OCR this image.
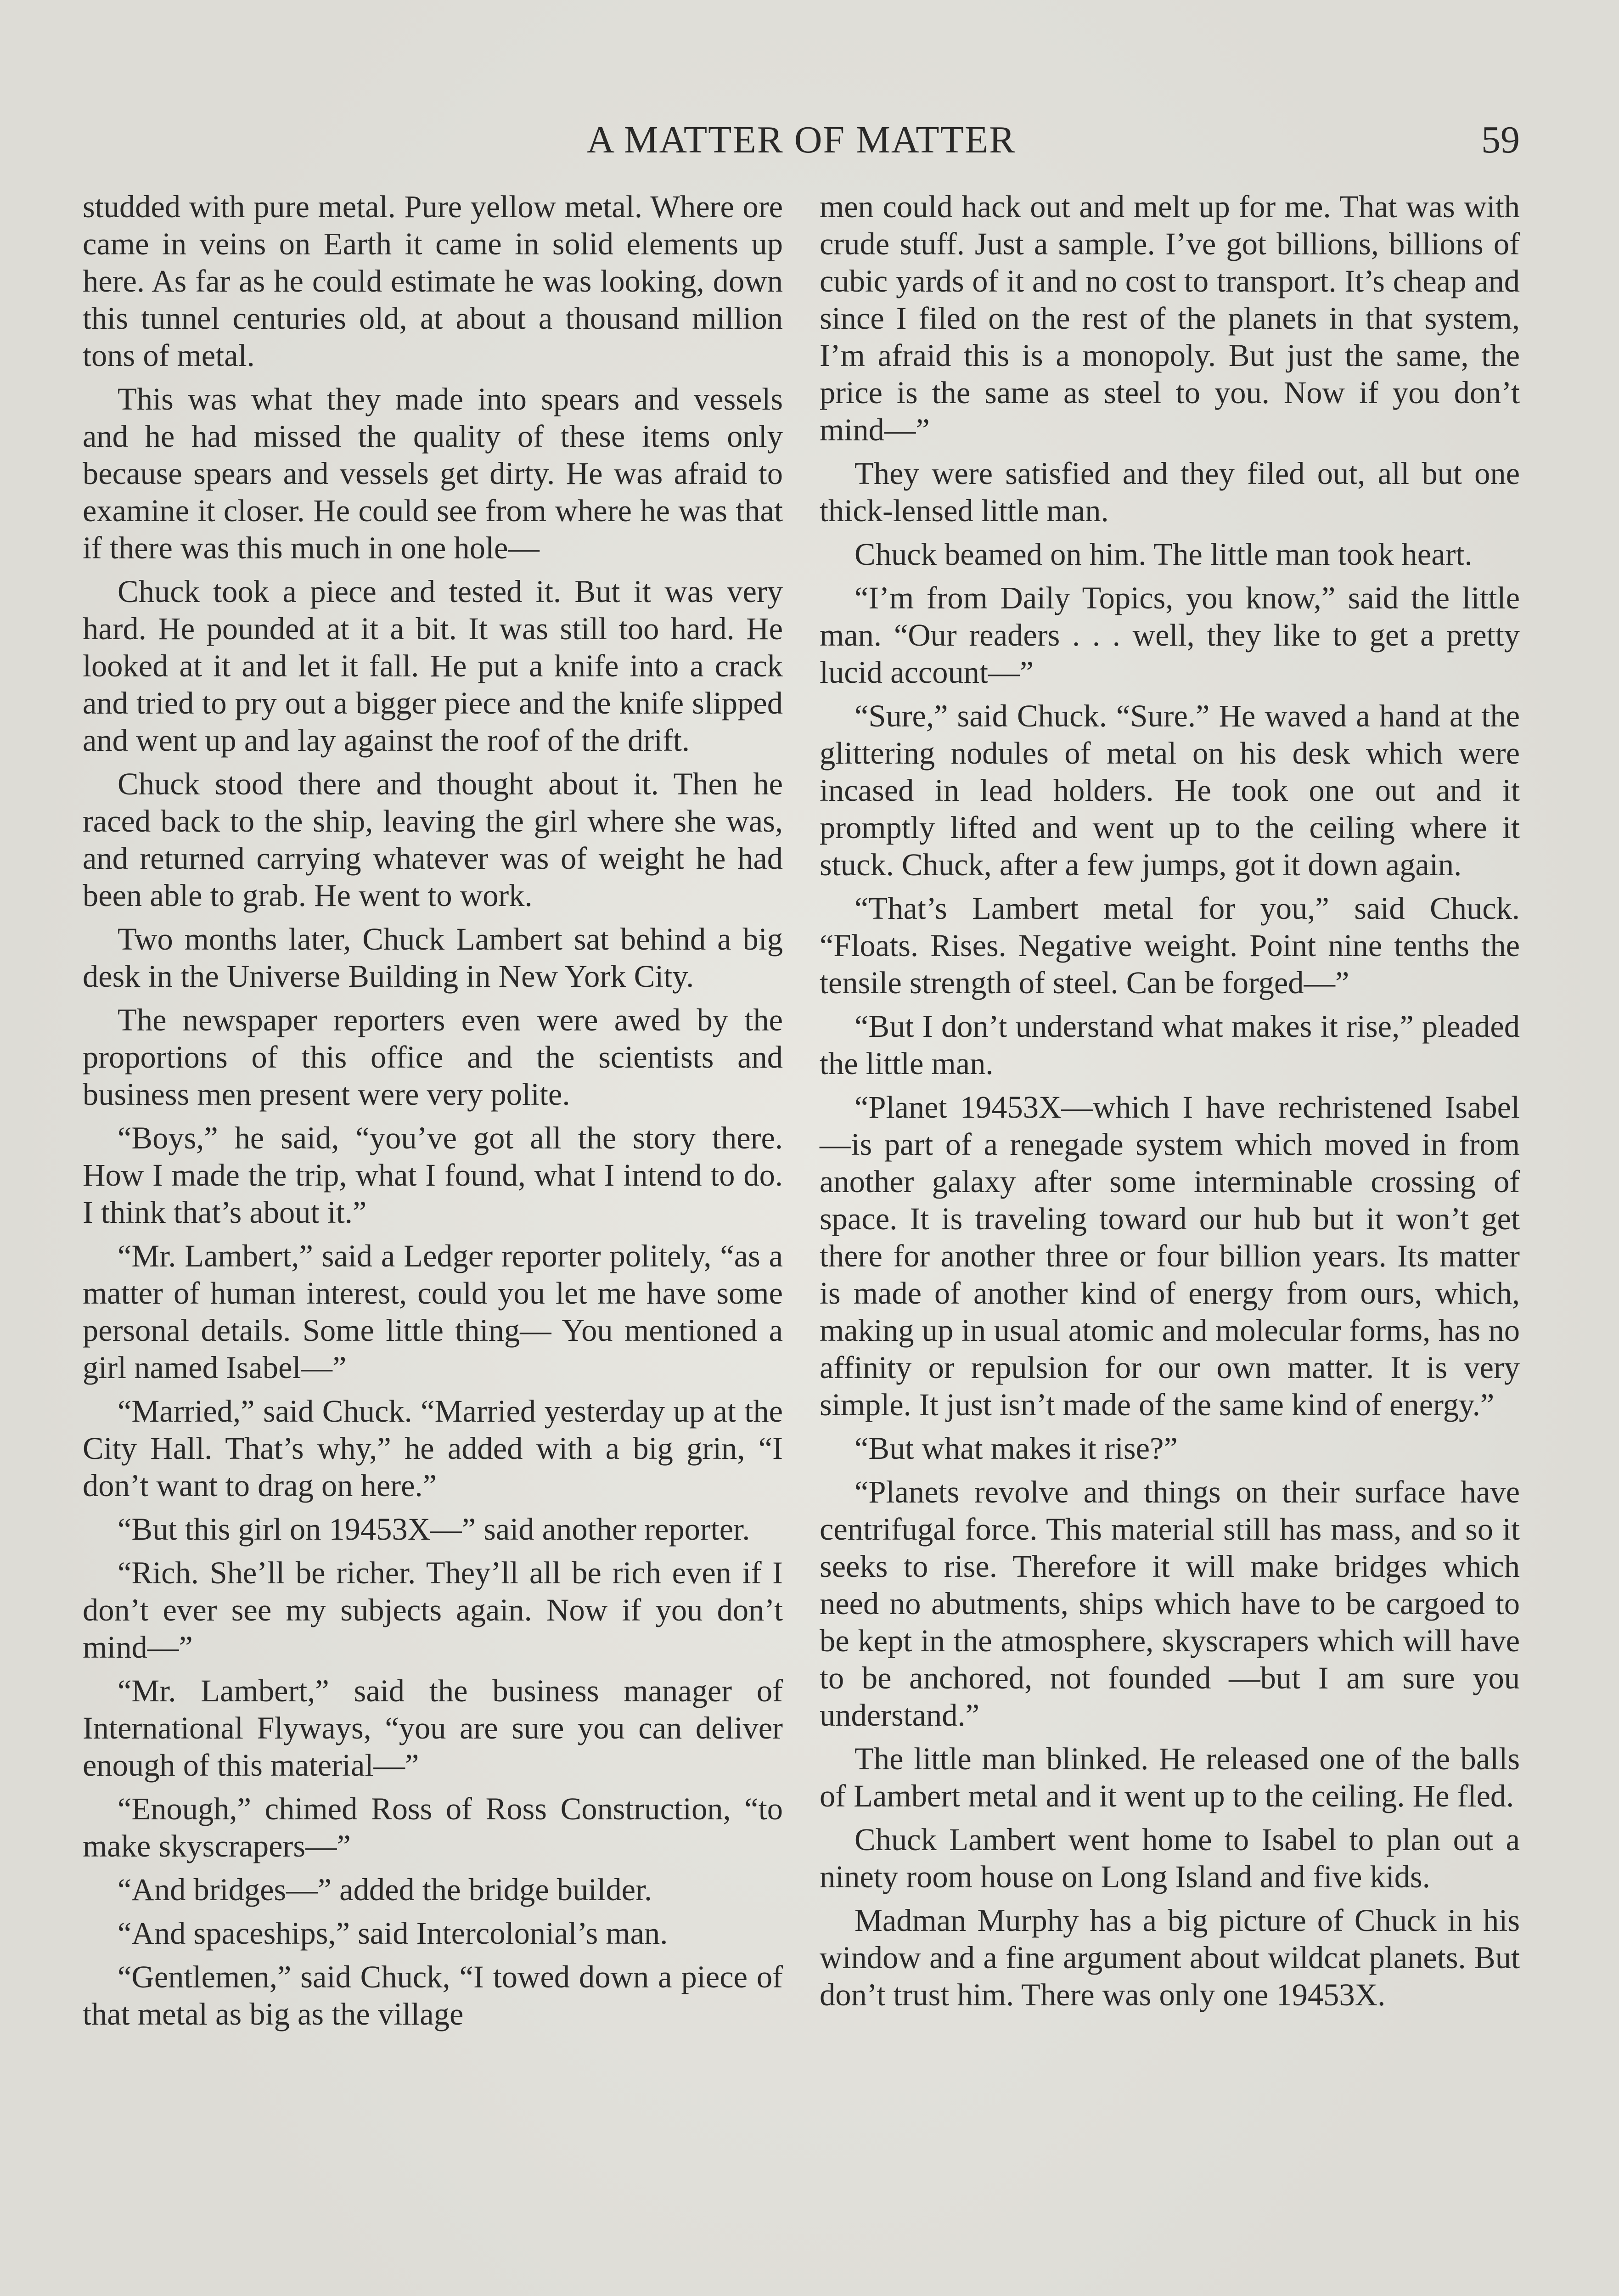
A MATTER OF MATTER	59

studded with pure metal. Pure yellow metal. Where ore came in veins on Earth it came in solid elements up here. As far as he could estimate he was looking, down this tunnel centuries old, at about a thousand million tons of metal.

This was what they made into spears and vessels and he had missed the quality of these items only because spears and vessels get dirty. He was afraid to examine it closer. He could see from where he was that if there was this much in one hole—

Chuck took a piece and tested it. But it was very hard. He pounded at it a bit. It was still too hard. He looked at it and let it fall. He put a knife into a crack and tried to pry out a bigger piece and the knife slipped and went up and lay against the roof of the drift.

Chuck stood there and thought about it. Then he raced back to the ship, leaving the girl where she was, and returned carrying whatever was of weight he had been able to grab. He went to work.

Two months later, Chuck Lambert sat behind a big desk in the Universe Building in New York City.

The newspaper reporters even were awed by the proportions of this office and the scientists and business men present were very polite.

“Boys,” he said, “you’ve got all the story there. How I made the trip, what I found, what I intend to do. I think that’s about it.”

“Mr. Lambert,” said a Ledger reporter politely, “as a matter of human interest, could you let me have some personal details. Some little thing— You mentioned a girl named Isabel—”

“Married,” said Chuck. “Married yesterday up at the City Hall. That’s why,” he added with a big grin, “I don’t want to drag on here.”

“But this girl on 19453X—” said another reporter.

“Rich. She’ll be richer. They’ll all be rich even if I don’t ever see my subjects again. Now if you don’t mind—”

“Mr. Lambert,” said the business manager of International Flyways, “you are sure you can deliver enough of this material—”

“Enough,” chimed Ross of Ross Construction, “to make skyscrapers—”

“And bridges—” added the bridge builder.

“And spaceships,” said Intercolonial’s man.

“Gentlemen,” said Chuck, “I towed down a piece of that metal as big as the village

men could hack out and melt up for me. That was with crude stuff. Just a sample. I’ve got billions, billions of cubic yards of it and no cost to transport. It’s cheap and since I filed on the rest of the planets in that system, I’m afraid this is a monopoly. But just the same, the price is the same as steel to you. Now if you don’t mind—”

They were satisfied and they filed out, all but one thick-lensed little man.

Chuck beamed on him. The little man took heart.

“I’m from Daily Topics, you know,” said the little man. “Our readers . . . well, they like to get a pretty lucid account—”

“Sure,” said Chuck. “Sure.” He waved a hand at the glittering nodules of metal on his desk which were incased in lead holders. He took one out and it promptly lifted and went up to the ceiling where it stuck. Chuck, after a few jumps, got it down again.

“That’s Lambert metal for you,” said Chuck. “Floats. Rises. Negative weight. Point nine tenths the tensile strength of steel. Can be forged—”

“But I don’t understand what makes it rise,” pleaded the little man.

“Planet 19453X—which I have rechristened Isabel—is part of a renegade system which moved in from another galaxy after some interminable crossing of space. It is traveling toward our hub but it won’t get there for another three or four billion years. Its matter is made of another kind of energy from ours, which, making up in usual atomic and molecular forms, has no affinity or repulsion for our own matter. It is very simple. It just isn’t made of the same kind of energy.”

“But what makes it rise?”

“Planets revolve and things on their surface have centrifugal force. This material still has mass, and so it seeks to rise. Therefore it will make bridges which need no abutments, ships which have to be cargoed to be kept in the atmosphere, skyscrapers which will have to be anchored, not founded —but I am sure you understand.”

The little man blinked. He released one of the balls of Lambert metal and it went up to the ceiling. He fled.

Chuck Lambert went home to Isabel to plan out a ninety room house on Long Island and five kids.

Madman Murphy has a big picture of Chuck in his window and a fine argument about wildcat planets. But don’t trust him. There was only one 19453X.
